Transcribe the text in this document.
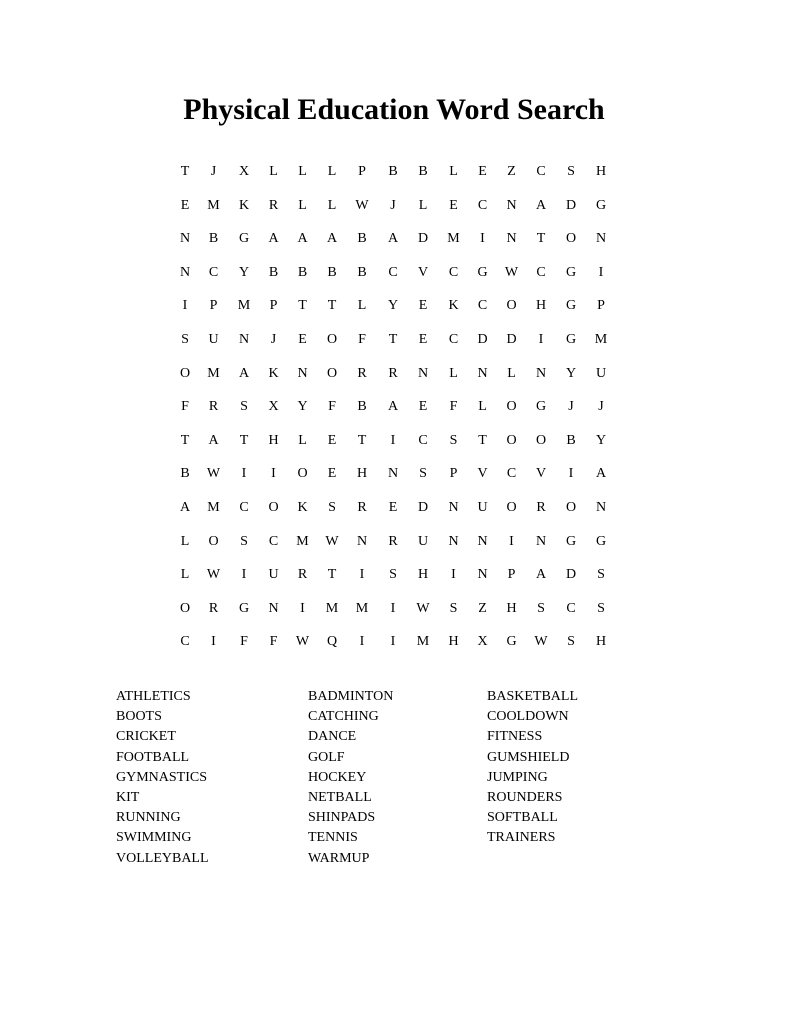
Physical Education Word Search
T	J	X	L	L	L	P	B	B	L	E	Z	C	S	H
E	M	K	R	L	L	W	J	L	E	C	N	A	D	G
N	B	G	A	A	A	B	A	D	M	I	N	T	O	N
N	C	Y	B	B	B	B	C	V	C	G	W	C	G	I
I	P	M	P	T	T	L	Y	E	K	C	O	H	G	P
S	U	N	J	E	O	F	T	E	C	D	D	I	G	M
O	M	A	K	N	O	R	R	N	L	N	L	N	Y	U
F	R	S	X	Y	F	B	A	E	F	L	O	G	J	J
T	A	T	H	L	E	T	I	C	S	T	O	O	B	Y
B	W	I	I	O	E	H	N	S	P	V	C	V	I	A
A	M	C	O	K	S	R	E	D	N	U	O	R	O	N
L	O	S	C	M	W	N	R	U	N	N	I	N	G	G
L	W	I	U	R	T	I	S	H	I	N	P	A	D	S
O	R	G	N	I	M	M	I	W	S	Z	H	S	C	S
C	I	F	F	W	Q	I	I	M	H	X	G	W	S	H
ATHLETICS
BOOTS
CRICKET
FOOTBALL
GYMNASTICS
KIT
RUNNING
SWIMMING
VOLLEYBALL
BADMINTON
CATCHING
DANCE
GOLF
HOCKEY
NETBALL
SHINPADS
TENNIS
WARMUP
BASKETBALL
COOLDOWN
FITNESS
GUMSHIELD
JUMPING
ROUNDERS
SOFTBALL
TRAINERS
